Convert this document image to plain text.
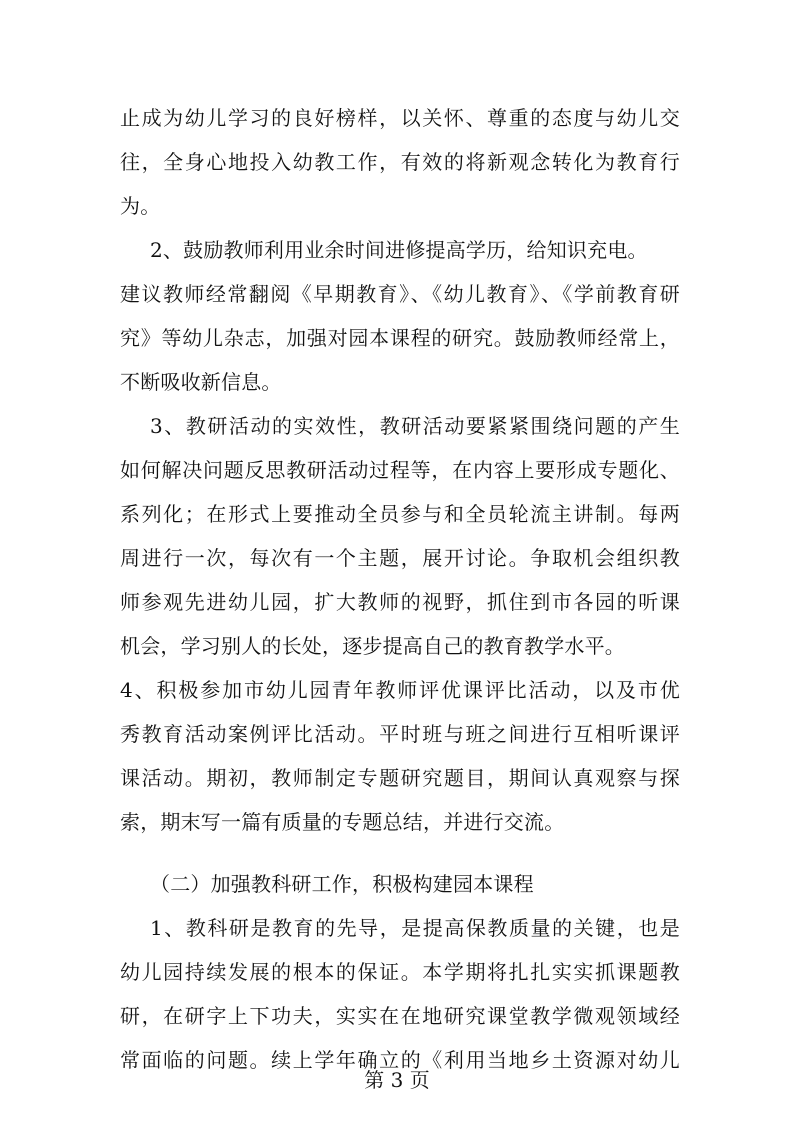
止成为幼儿学习的良好榜样，以关怀、尊重的态度与幼儿交
往，全身心地投入幼教工作，有效的将新观念转化为教育行
为。
2、鼓励教师利用业余时间进修提高学历，给知识充电。
建议教师经常翻阅《早期教育》、《幼儿教育》、《学前教育研
究》等幼儿杂志，加强对园本课程的研究。鼓励教师经常上，
不断吸收新信息。
3、教研活动的实效性，教研活动要紧紧围绕问题的产生
如何解决问题反思教研活动过程等，在内容上要形成专题化、
系列化；在形式上要推动全员参与和全员轮流主讲制。每两
周进行一次，每次有一个主题，展开讨论。争取机会组织教
师参观先进幼儿园，扩大教师的视野，抓住到市各园的听课
机会，学习别人的长处，逐步提高自己的教育教学水平。
4、积极参加市幼儿园青年教师评优课评比活动，以及市优
秀教育活动案例评比活动。平时班与班之间进行互相听课评
课活动。期初，教师制定专题研究题目，期间认真观察与探
索，期末写一篇有质量的专题总结，并进行交流。
（二）加强教科研工作，积极构建园本课程
1、教科研是教育的先导，是提高保教质量的关键，也是
幼儿园持续发展的根本的保证。本学期将扎扎实实抓课题教
研，在研字上下功夫，实实在在地研究课堂教学微观领域经
常面临的问题。续上学年确立的《利用当地乡土资源对幼儿
第 3 页
